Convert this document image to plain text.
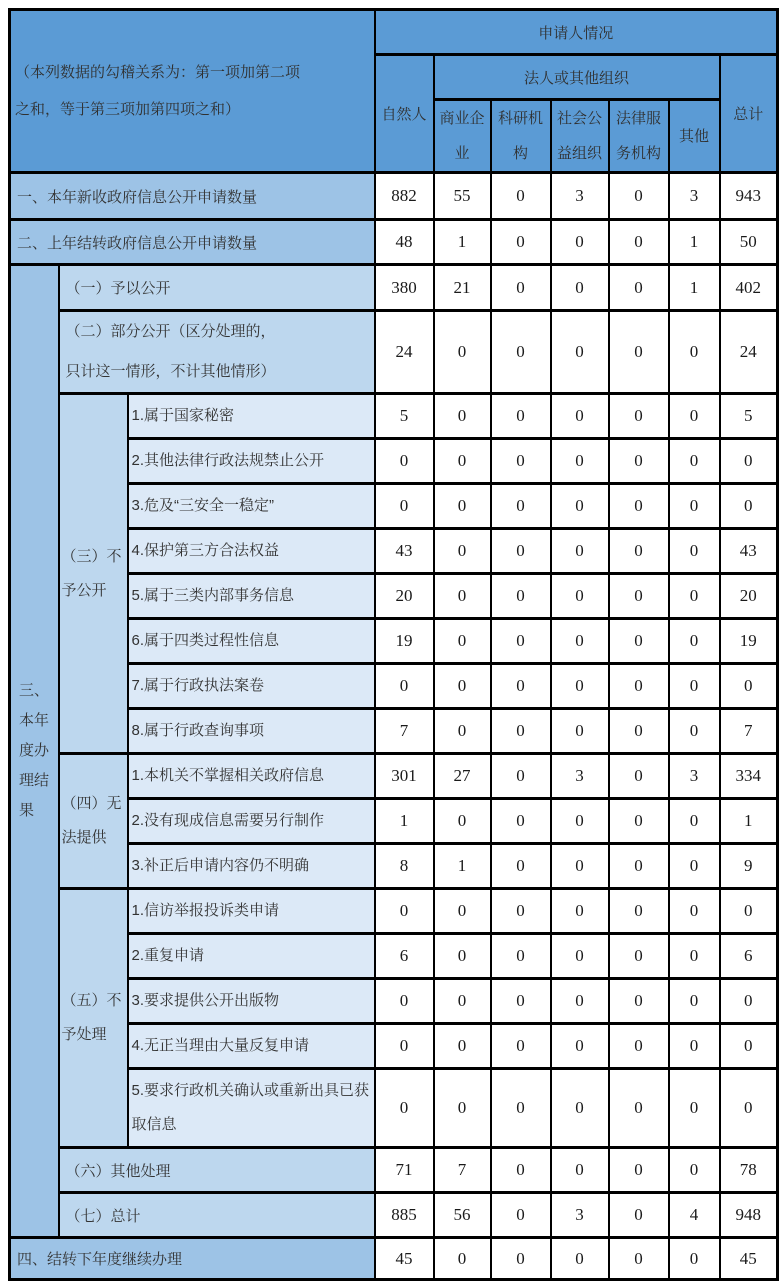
（本列数据的勾稽关系为：第一项加第二项
之和，等于第三项加第四项之和）			申请人情况						
			自然人	法人或其他组织					总计
				商业企业	科研机构	社会公益组织	法律服务机构	其他	
一、本年新收政府信息公开申请数量			882	55	0	3	0	3	943
二、上年结转政府信息公开申请数量			48	1	0	0	0	1	50

三、本年度办理结果	（一）予以公开		380	21	0	0	0	1	402

	（二）部分公开（区分处理的，
只计这一情形，不计其他情形）		24	0	0	0	0	0	24
	（三）不予公开	1.属于国家秘密	5	0	0	0	0	0	5
		2.其他法律行政法规禁止公开	0	0	0	0	0	0	0
		3.危及“三安全一稳定”	0	0	0	0	0	0	0
		4.保护第三方合法权益	43	0	0	0	0	0	43
		5.属于三类内部事务信息	20	0	0	0	0	0	20
		6.属于四类过程性信息	19	0	0	0	0	0	19
		7.属于行政执法案卷	0	0	0	0	0	0	0
		8.属于行政查询事项	7	0	0	0	0	0	7
	（四）无法提供	1.本机关不掌握相关政府信息	301	27	0	3	0	3	334
		2.没有现成信息需要另行制作	1	0	0	0	0	0	1
		3.补正后申请内容仍不明确	8	1	0	0	0	0	9
	（五）不予处理	1.信访举报投诉类申请	0	0	0	0	0	0	0
		2.重复申请	6	0	0	0	0	0	6
		3.要求提供公开出版物	0	0	0	0	0	0	0
		4.无正当理由大量反复申请	0	0	0	0	0	0	0
		5.要求行政机关确认或重新出具已获取信息	0	0	0	0	0	0	0
	（六）其他处理		71	7	0	0	0	0	78
	（七）总计		885	56	0	3	0	4	948
四、结转下年度继续办理			45	0	0	0	0	0	45
